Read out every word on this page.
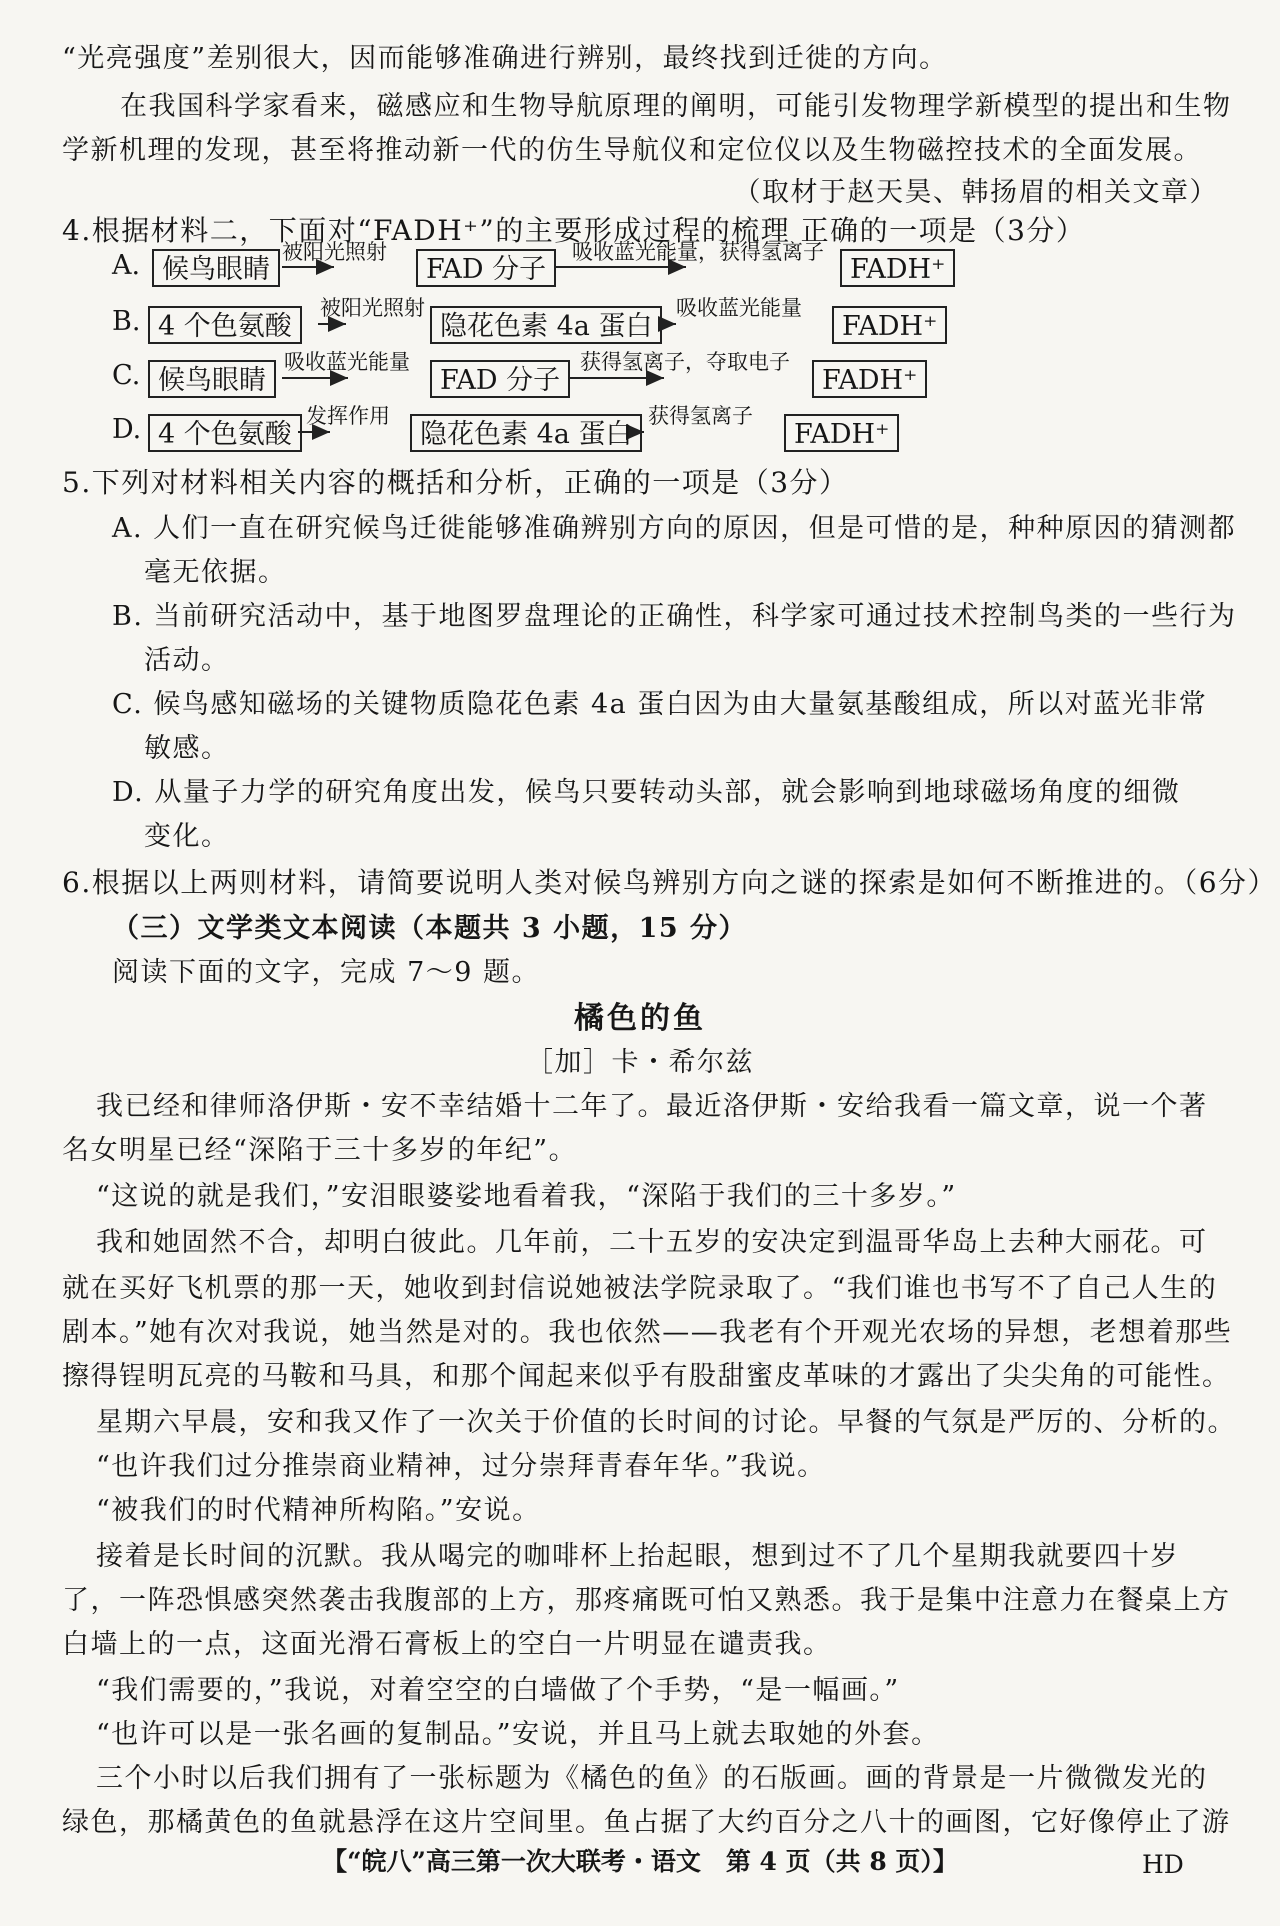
“光亮强度”差别很大，因而能够准确进行辨别，最终找到迁徙的方向。
在我国科学家看来，磁感应和生物导航原理的阐明，可能引发物理学新模型的提出和生物
学新机理的发现，甚至将推动新一代的仿生导航仪和定位仪以及生物磁控技术的全面发展。
（取材于赵天昊、韩扬眉的相关文章）
4.根据材料二，下面对“FADH⁺”的主要形成过程的梳理 正确的一项是（3分）
A. 候鸟眼睛
被阳光照射
FAD 分子
吸收蓝光能量，获得氢离子
FADH⁺
B. 4 个色氨酸
被阳光照射
隐花色素 4a 蛋白
吸收蓝光能量
FADH⁺
C. 候鸟眼睛
吸收蓝光能量
FAD 分子
获得氢离子，夺取电子
FADH⁺
D. 4 个色氨酸
发挥作用
隐花色素 4a 蛋白
获得氢离子
FADH⁺
5.下列对材料相关内容的概括和分析，正确的一项是（3分）
A. 人们一直在研究候鸟迁徙能够准确辨别方向的原因，但是可惜的是，种种原因的猜测都
毫无依据。
B. 当前研究活动中，基于地图罗盘理论的正确性，科学家可通过技术控制鸟类的一些行为
活动。
C. 候鸟感知磁场的关键物质隐花色素 4a 蛋白因为由大量氨基酸组成，所以对蓝光非常
敏感。
D. 从量子力学的研究角度出发，候鸟只要转动头部，就会影响到地球磁场角度的细微
变化。
6.根据以上两则材料，请简要说明人类对候鸟辨别方向之谜的探索是如何不断推进的。（6分）
（三）文学类文本阅读（本题共 3 小题，15 分）
阅读下面的文字，完成 7～9 题。
橘色的鱼
［加］卡・希尔兹
我已经和律师洛伊斯・安不幸结婚十二年了。最近洛伊斯・安给我看一篇文章，说一个著
名女明星已经“深陷于三十多岁的年纪”。
“这说的就是我们，”安泪眼婆娑地看着我，“深陷于我们的三十多岁。”
我和她固然不合，却明白彼此。几年前，二十五岁的安决定到温哥华岛上去种大丽花。可
就在买好飞机票的那一天，她收到封信说她被法学院录取了。“我们谁也书写不了自己人生的
剧本。”她有次对我说，她当然是对的。我也依然——我老有个开观光农场的异想，老想着那些
擦得锃明瓦亮的马鞍和马具，和那个闻起来似乎有股甜蜜皮革味的才露出了尖尖角的可能性。
星期六早晨，安和我又作了一次关于价值的长时间的讨论。早餐的气氛是严厉的、分析的。
“也许我们过分推崇商业精神，过分崇拜青春年华。”我说。
“被我们的时代精神所构陷。”安说。
接着是长时间的沉默。我从喝完的咖啡杯上抬起眼，想到过不了几个星期我就要四十岁
了，一阵恐惧感突然袭击我腹部的上方，那疼痛既可怕又熟悉。我于是集中注意力在餐桌上方
白墙上的一点，这面光滑石膏板上的空白一片明显在谴责我。
“我们需要的，”我说，对着空空的白墙做了个手势，“是一幅画。”
“也许可以是一张名画的复制品。”安说，并且马上就去取她的外套。
三个小时以后我们拥有了一张标题为《橘色的鱼》的石版画。画的背景是一片微微发光的
绿色，那橘黄色的鱼就悬浮在这片空间里。鱼占据了大约百分之八十的画图，它好像停止了游
【“皖八”高三第一次大联考・语文　第 4 页（共 8 页）】	HD
